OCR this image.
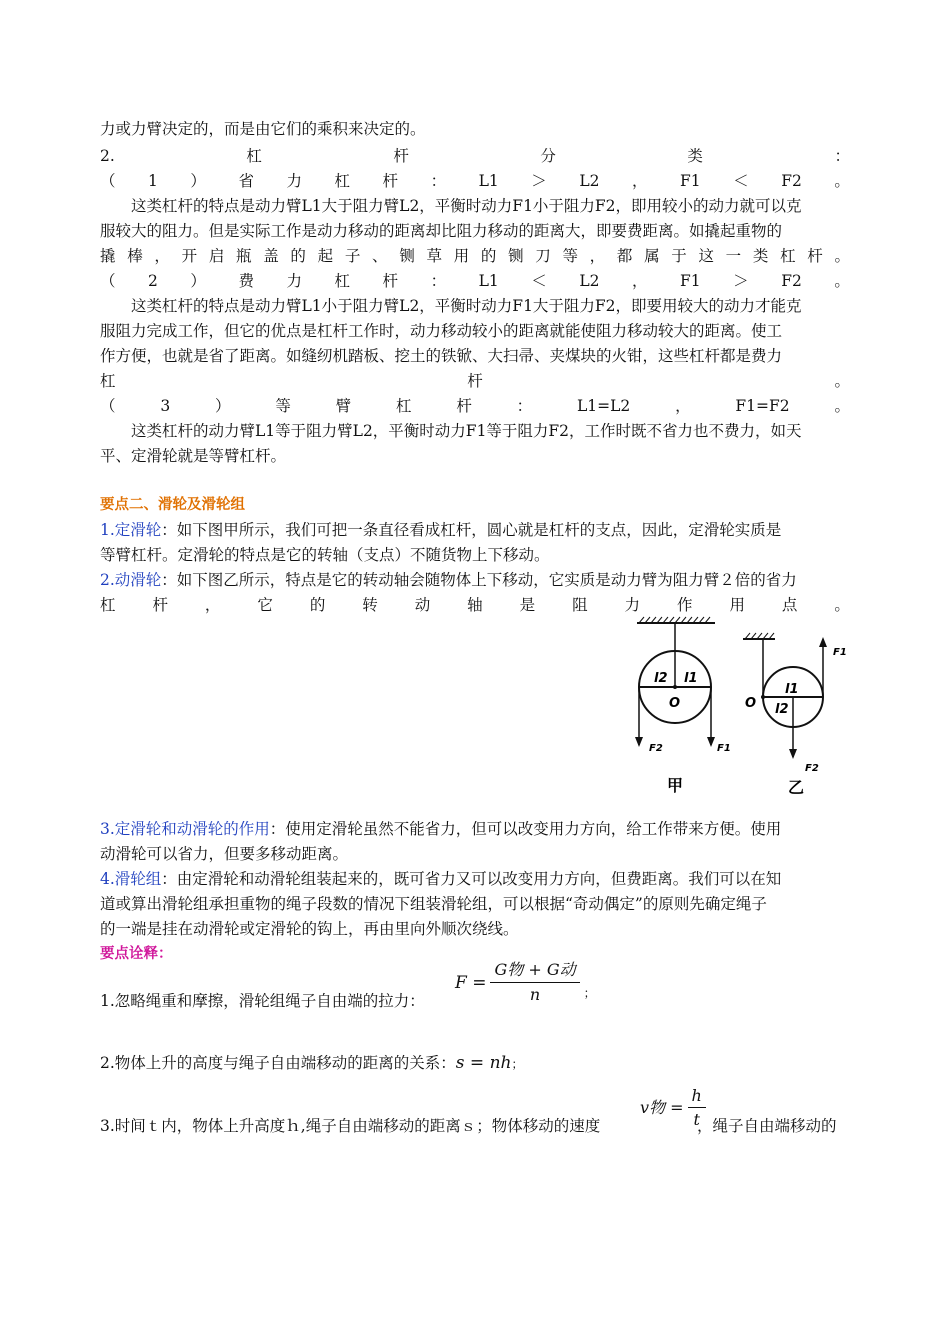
力或力臂决定的，而是由它们的乘积来决定的。
2.	杠	杆	分	类	：
（ 1 ） 省 力 杠 杆 ： L1 ＞ L2 ， F1 ＜ F2 。
这类杠杆的特点是动力臂L1大于阻力臂L2，平衡时动力F1小于阻力F2，即用较小的动力就可以克
服较大的阻力。但是实际工作是动力移动的距离却比阻力移动的距离大，即要费距离。如撬起重物的
撬 棒 ， 开 启 瓶 盖 的 起 子 、 铡 草 用 的 铡 刀 等 ， 都 属 于 这 一 类 杠 杆 。
（ 2 ） 费 力 杠 杆 ： L1 ＜ L2 ， F1 ＞ F2 。
这类杠杆的特点是动力臂L1小于阻力臂L2，平衡时动力F1大于阻力F2，即要用较大的动力才能克
服阻力完成工作，但它的优点是杠杆工作时，动力移动较小的距离就能使阻力移动较大的距离。使工
作方便，也就是省了距离。如缝纫机踏板、挖土的铁锨、大扫帚、夹煤块的火钳，这些杠杆都是费力
杠	杆	。
（	3	）	等	臂	杠	杆	：	L1=L2	，	F1=F2	。
这类杠杆的动力臂L1等于阻力臂L2，平衡时动力F1等于阻力F2，工作时既不省力也不费力，如天
平、定滑轮就是等臂杠杆。
要点二、滑轮及滑轮组
1.定滑轮：如下图甲所示，我们可把一条直径看成杠杆，圆心就是杠杆的支点，因此，定滑轮实质是
等臂杠杆。定滑轮的特点是它的转轴（支点）不随货物上下移动。
2.动滑轮：如下图乙所示，特点是它的转动轴会随物体上下移动，它实质是动力臂为阻力臂２倍的省力
杠 杆 ， 它 的 转 动 轴 是 阻 力 作 用 点 。
l2 l1
O
F2	F1
甲
O
l1
l2
F1
F2
乙
3.定滑轮和动滑轮的作用：使用定滑轮虽然不能省力，但可以改变用力方向，给工作带来方便。使用
动滑轮可以省力，但要多移动距离。
4.滑轮组：由定滑轮和动滑轮组装起来的，既可省力又可以改变用力方向，但费距离。我们可以在知
道或算出滑轮组承担重物的绳子段数的情况下组装滑轮组，可以根据“奇动偶定”的原则先确定绳子
的一端是挂在动滑轮或定滑轮的钩上，再由里向外顺次绕线。
要点诠释：
1.忽略绳重和摩擦，滑轮组绳子自由端的拉力：
$F = \frac{\text{G物 + G动}}{n}$ ；
2.物体上升的高度与绳子自由端移动的距离的关系：s = nh；
3.时间ｔ内，物体上升高度ｈ,绳子自由端移动的距离ｓ；物体移动的速度
v物 = $\frac{h}{t}$
，绳子自由端移动的
